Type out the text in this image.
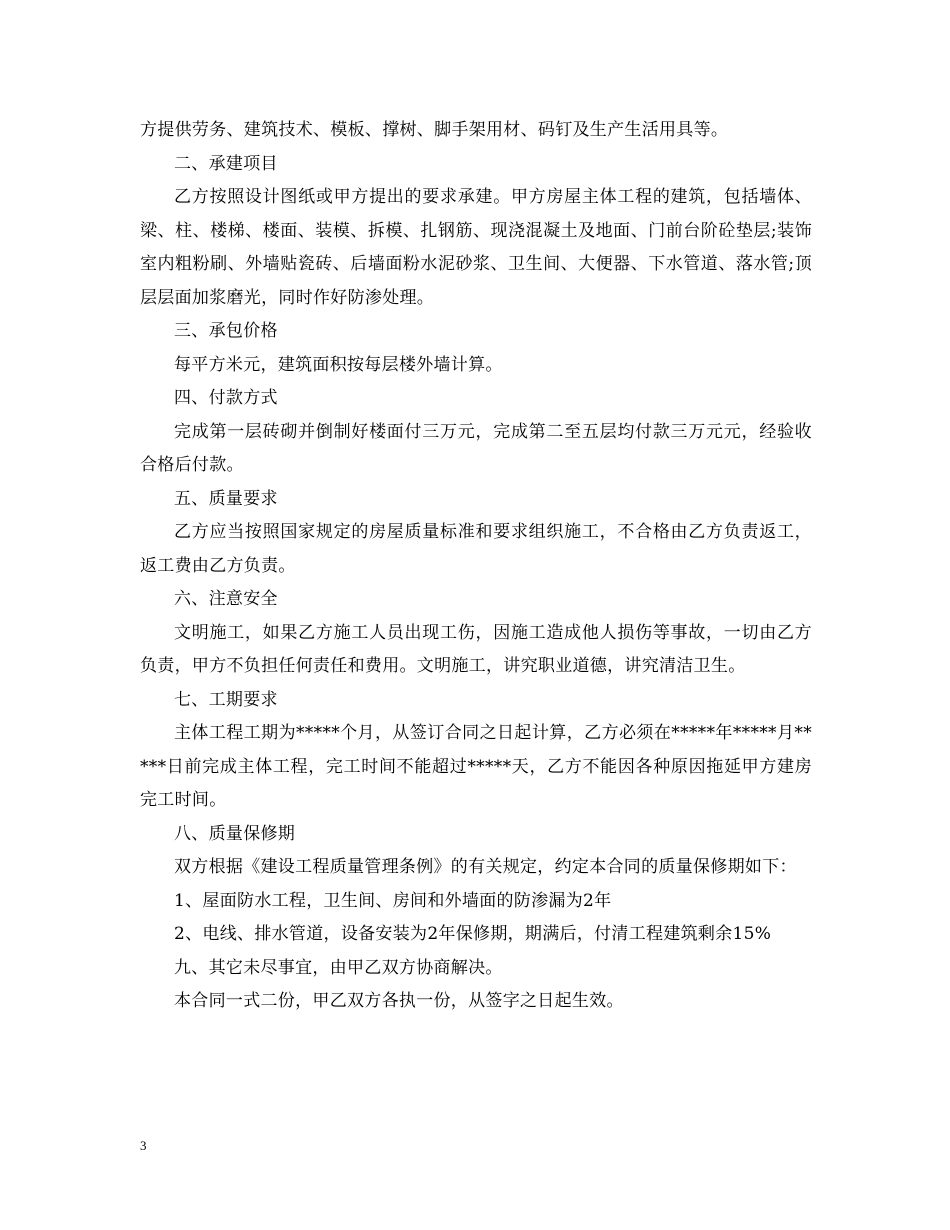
方提供劳务、建筑技术、模板、撑树、脚手架用材、码钉及生产生活用具等。

二、承建项目

乙方按照设计图纸或甲方提出的要求承建。甲方房屋主体工程的建筑，包括墙体、梁、柱、楼梯、楼面、装模、拆模、扎钢筋、现浇混凝土及地面、门前台阶砼垫层;装饰室内粗粉刷、外墙贴瓷砖、后墙面粉水泥砂浆、卫生间、大便器、下水管道、落水管;顶层层面加浆磨光，同时作好防渗处理。

三、承包价格

每平方米元，建筑面积按每层楼外墙计算。

四、付款方式

完成第一层砖砌并倒制好楼面付三万元，完成第二至五层均付款三万元元，经验收合格后付款。

五、质量要求

乙方应当按照国家规定的房屋质量标准和要求组织施工，不合格由乙方负责返工，返工费由乙方负责。

六、注意安全

文明施工，如果乙方施工人员出现工伤，因施工造成他人损伤等事故，一切由乙方负责，甲方不负担任何责任和费用。文明施工，讲究职业道德，讲究清洁卫生。

七、工期要求

主体工程工期为*****个月，从签订合同之日起计算，乙方必须在*****年*****月*****日前完成主体工程，完工时间不能超过*****天，乙方不能因各种原因拖延甲方建房完工时间。

八、质量保修期

双方根据《建设工程质量管理条例》的有关规定，约定本合同的质量保修期如下：

1、屋面防水工程，卫生间、房间和外墙面的防渗漏为2年

2、电线、排水管道，设备安装为2年保修期，期满后，付清工程建筑剩余15%

九、其它未尽事宜，由甲乙双方协商解决。

本合同一式二份，甲乙双方各执一份，从签字之日起生效。

3
